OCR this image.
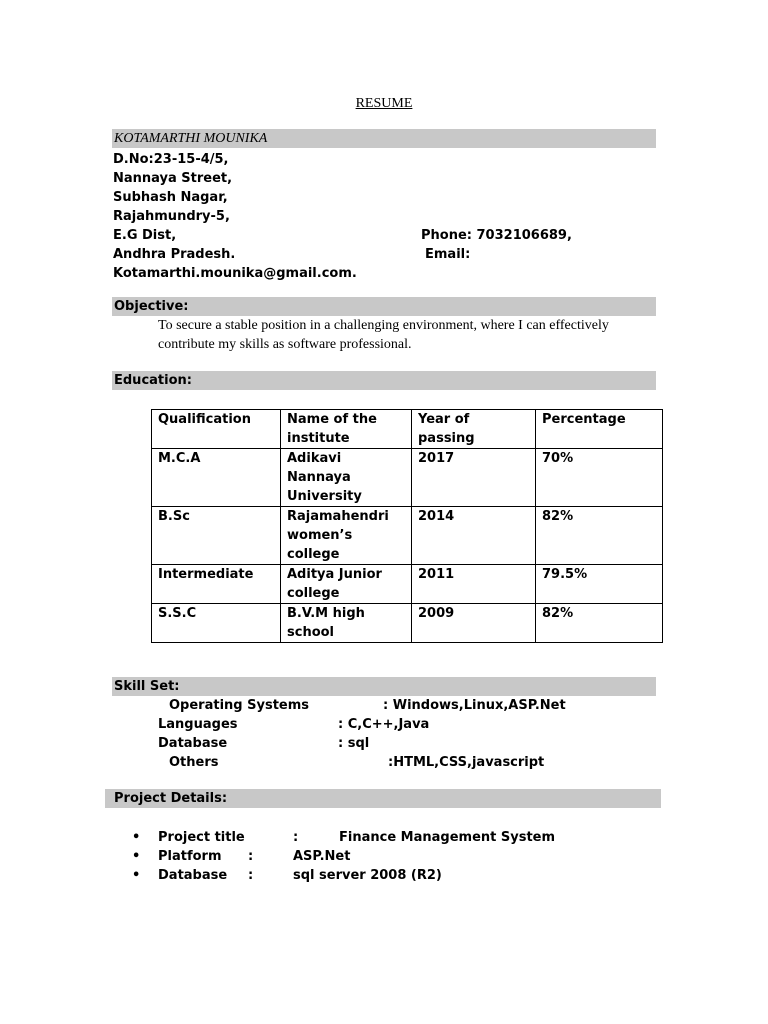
RESUME
KOTAMARTHI MOUNIKA
D.No:23-15-4/5,
Nannaya Street,
Subhash Nagar,
Rajahmundry-5,
E.G Dist,
Andhra Pradesh.
Phone: 7032106689,
Email:
Kotamarthi.mounika@gmail.com.
Objective:
To secure a stable position in a challenging environment, where I can effectively
contribute my skills as software professional.
Education:
Qualification	Name of the institute	Year of passing	Percentage
M.C.A	Adikavi Nannaya University	2017	70%
B.Sc	Rajamahendri women’s college	2014	82%
Intermediate	Aditya Junior college	2011	79.5%
S.S.C	B.V.M high school	2009	82%
Skill Set:
Operating Systems	: Windows,Linux,ASP.Net
Languages	: C,C++,Java
Database	: sql
Others	:HTML,CSS,javascript
Project Details:
• Project title	:	Finance Management System
• Platform :	ASP.Net
• Database :	sql server 2008 (R2)
